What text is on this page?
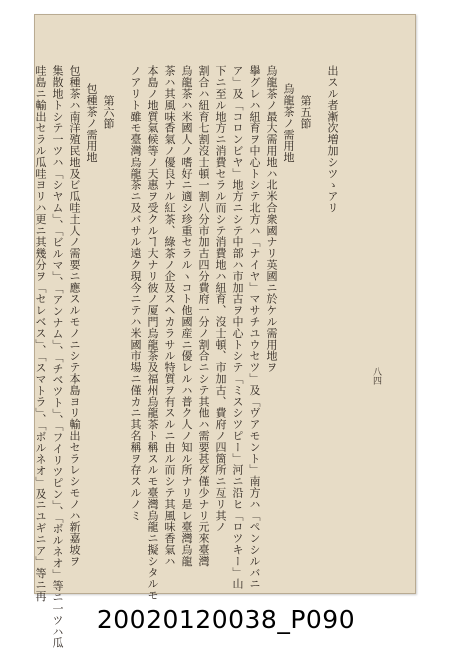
出スル者漸次増加シツゝアリ
第五節
烏龍茶ノ需用地
烏龍茶ノ最大需用地ハ北米合衆國ナリ英國ニ於ケル需用地ヲ
擧グレハ紐育ヲ中心トシテ北方ハ「ナイヤ」マサチユウセツ」及「ヴアモント」南方ハ「ペンシルバニ
ア」及「コロンビヤ」地方ニシテ中部ハ市加古ヲ中心トシテ「ミスシツピー」河ニ沿ヒ「ロツキー」山
下ニ至ル地方ニ消費セラル而シテ消費地ハ紐育、沒士頓、市加古、費府ノ四箇所ニ亙リ其ノ
割合ハ紐育七割沒士頓一割八分市加古四分費府一分ノ割合ニシテ其他ハ需要甚ダ僅少ナリ元來臺灣
烏龍茶ハ米國人ノ嗜好ニ適シ珍重セラルヽコト他國産ニ優レルハ普ク人ノ知ル所ナリ是レ臺灣烏龍
茶ハ其風味香氣ノ優良ナル紅茶、綠茶ノ企及スヘカラサル特質ヲ有スルニ由ル而シテ其風味香氣ハ
本島ノ地質氣候等ノ天惠ヲ受クルヿ大ナリ彼ノ厦門烏龍茶及福州烏龍茶ト稱スルモ臺灣烏龍ニ擬シタルモ
ノアリト雖モ臺灣烏龍茶ニ及バサル遠ク現今ニテハ米國市場ニ僅カニ其名稱ヲ存スルノミ
第六節
包種茶ノ需用地
包種茶ハ南洋殖民地及ビ瓜哇土人ノ需要ニ應スルモノニシテ本島ヨリ輸出セラレシモノハ新嘉坡ヲ
集散地トシテ一ツハ「シヤム」、「ビルマ」、「アンナム」、「チベツト」、「フイリツピン」、「ボルネオ」等ニ一ツハ瓜
哇島ニ輸出セラル瓜哇ヨリハ更ニ其幾分ヲ「セレベス」、「スマトラ」、「ボルネオ」及ニユギニア」等ニ再	八四
20020120038_P090
